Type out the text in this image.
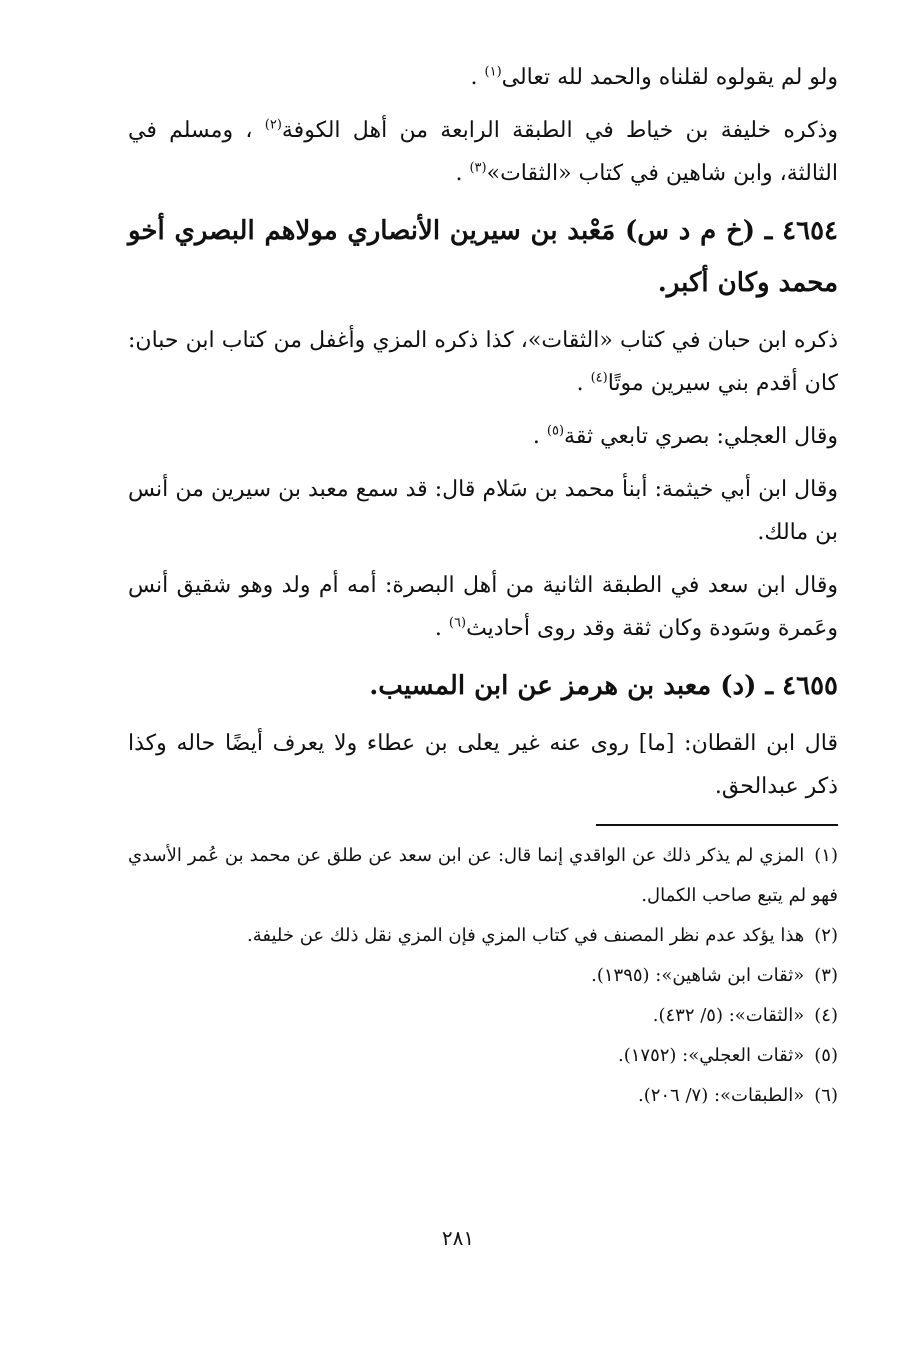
ولو لم يقولوه لقلناه والحمد لله تعالى$^{(١)}$ .

وذكره خليفة بن خياط في الطبقة الرابعة من أهل الكوفة$^{(٢)}$ ، ومسلم في الثالثة، وابن شاهين في كتاب «الثقات»$^{(٣)}$ .

٤٦٥٤ ـ (خ م د س) مَعْبد بن سيرين الأنصاري مولاهم البصري أخو محمد وكان أكبر.

ذكره ابن حبان في كتاب «الثقات»، كذا ذكره المزي وأغفل من كتاب ابن حبان: كان أقدم بني سيرين موتًا$^{(٤)}$ .

وقال العجلي: بصري تابعي ثقة$^{(٥)}$ .

وقال ابن أبي خيثمة: أبنأ محمد بن سَلام قال: قد سمع معبد بن سيرين من أنس بن مالك.

وقال ابن سعد في الطبقة الثانية من أهل البصرة: أمه أم ولد وهو شقيق أنس وعَمرة وسَودة وكان ثقة وقد روى أحاديث$^{(٦)}$ .

٤٦٥٥ ـ (د) معبد بن هرمز عن ابن المسيب.

قال ابن القطان: [ما] روى عنه غير يعلى بن عطاء ولا يعرف أيضًا حاله وكذا ذكر عبدالحق.

(١)المزي لم يذكر ذلك عن الواقدي إنما قال: عن ابن سعد عن طلق عن محمد بن عُمر الأسدي فهو لم يتبع صاحب الكمال.

(٢)هذا يؤكد عدم نظر المصنف في كتاب المزي فإن المزي نقل ذلك عن خليفة.

(٣)«ثقات ابن شاهين»: (١٣٩٥).

(٤)«الثقات»: (٥/ ٤٣٢).

(٥)«ثقات العجلي»: (١٧٥٢).

(٦)«الطبقات»: (٧/ ٢٠٦).

٢٨١
